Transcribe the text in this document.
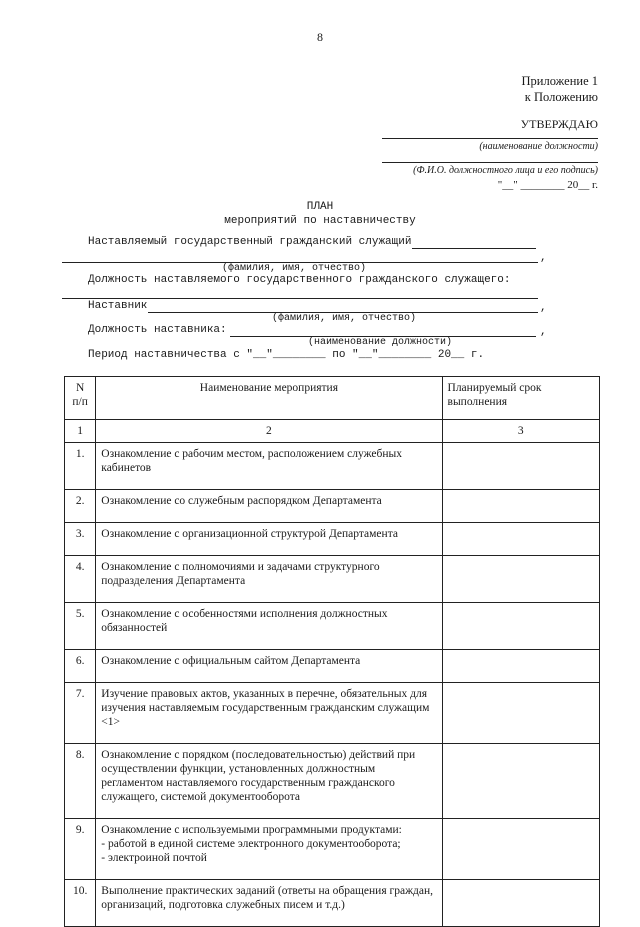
8
Приложение 1
к Положению
УТВЕРЖДАЮ
(наименование должности)
(Ф.И.О. должностного лица и его подпись)
"__" ________ 20__ г.
ПЛАН
мероприятий по наставничеству
Наставляемый государственный гражданский служащий
,
(фамилия, имя, отчество)
Должность наставляемого государственного гражданского служащего:
Наставник	,
(фамилия, имя, отчество)
Должность наставника:	,
(наименование должности)
Период наставничества с "__"________ по "__"________ 20__ г.
N п/п	Наименование мероприятия	Планируемый срок выполнения
1	2	3
1.	Ознакомление с рабочим местом, расположением служебных кабинетов	
2.	Ознакомление со служебным распорядком Департамента	
3.	Ознакомление с организационной структурой Департамента	
4.	Ознакомление с полномочиями и задачами структурного подразделения Департамента	
5.	Ознакомление с особенностями исполнения должностных обязанностей	
6.	Ознакомление с официальным сайтом Департамента	
7.	Изучение правовых актов, указанных в перечне, обязательных для изучения наставляемым государственным гражданским служащим <1>	
8.	Ознакомление с порядком (последовательностью) действий при осуществлении функции, установленных должностным регламентом наставляемого государственным гражданского служащего, системой документооборота	
9.	Ознакомление с используемыми программными продуктами:
- работой в единой системе электронного документооборота;
- электроиной почтой	
10.	Выполнение практических заданий (ответы на обращения граждан, организаций, подготовка служебных писем и т.д.)	
